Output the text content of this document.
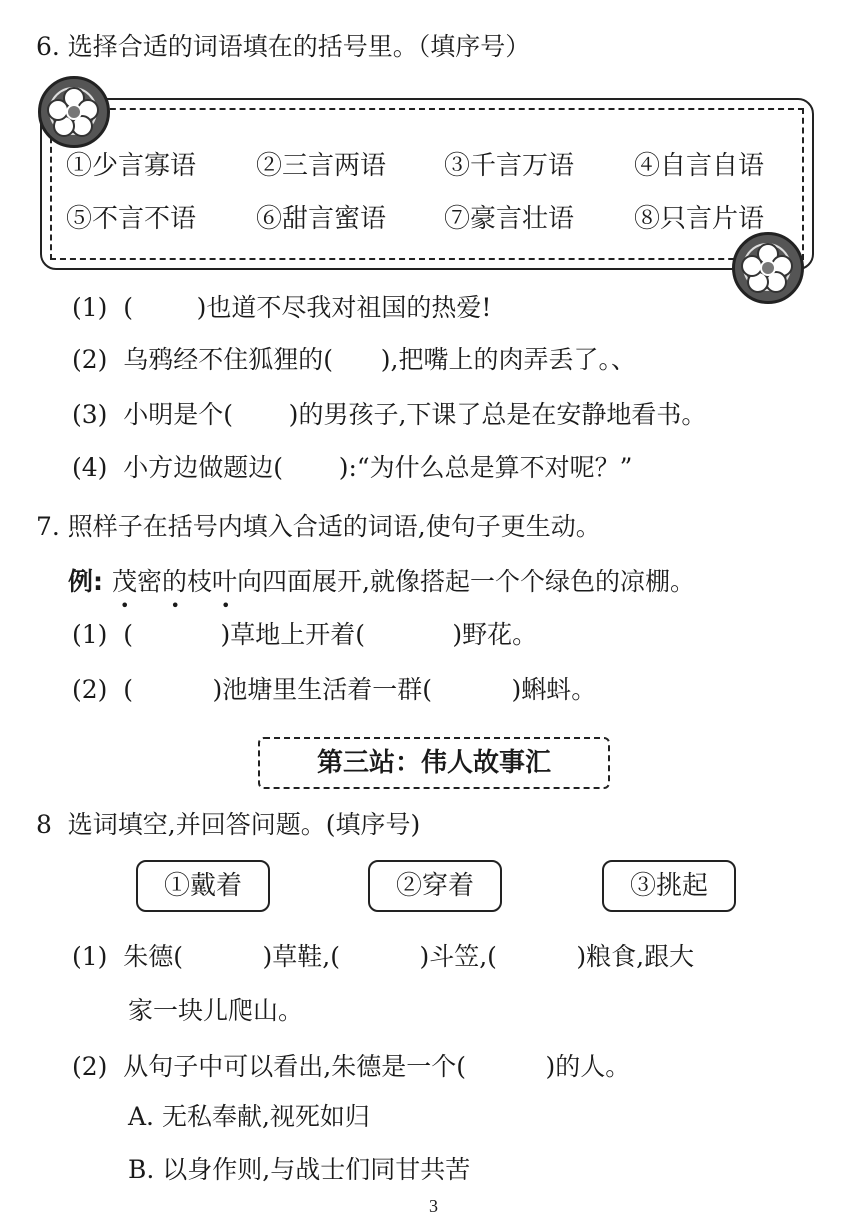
6. 选择合适的词语填在的括号里。（填序号）
①少言寡语 ②三言两语 ③千言万语 ④自言自语
⑤不言不语 ⑥甜言蜜语 ⑦豪言壮语 ⑧只言片语
(1)  (        )也道不尽我对祖国的热爱!
(2)  乌鸦经不住狐狸的(      ),把嘴上的肉弄丢了。、
(3)  小明是个(       )的男孩子,下课了总是在安静地看书。
(4)  小方边做题边(       ):“为什么总是算不对呢？”
7. 照样子在括号内填入合适的词语,使句子更生动。
例: 茂密的枝叶向四面展开,就像搭起一个个绿色的凉棚。
• • •
(1)  (           )草地上开着(           )野花。
(2)  (          )池塘里生活着一群(          )蝌蚪。
第三站：伟人故事汇
8  选词填空,并回答问题。(填序号)
①戴着	②穿着	③挑起
(1)  朱德(          )草鞋,(          )斗笠,(          )粮食,跟大
家一块儿爬山。
(2)  从句子中可以看出,朱德是一个(          )的人。
A. 无私奉献,视死如归
B. 以身作则,与战士们同甘共苦
3
